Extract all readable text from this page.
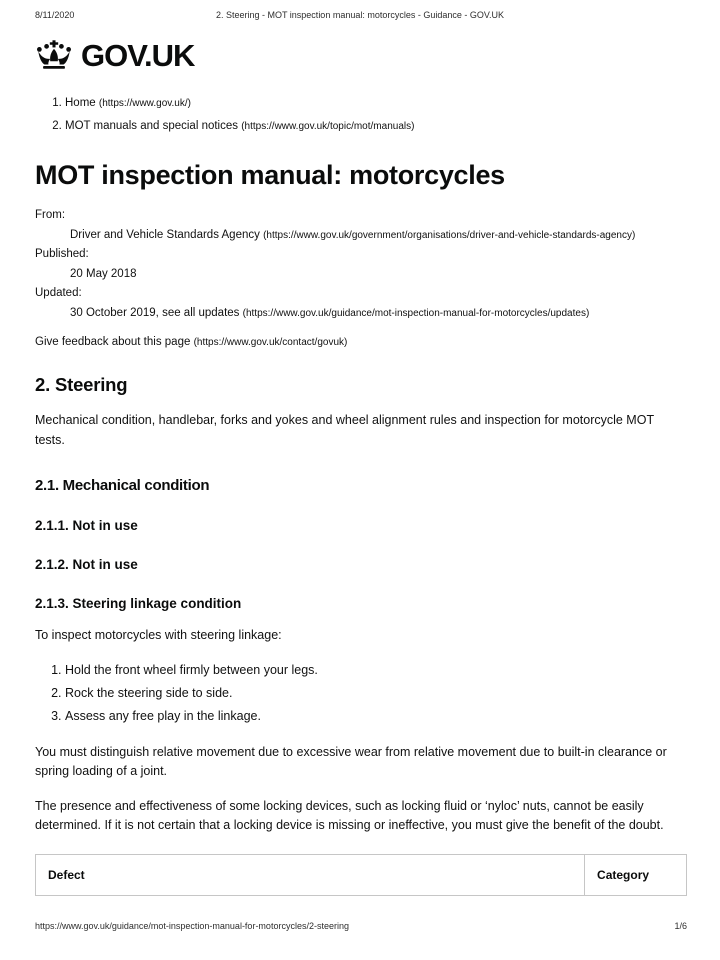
8/11/2020	2. Steering - MOT inspection manual: motorcycles - Guidance - GOV.UK
GOV.UK
1. Home (https://www.gov.uk/)
2. MOT manuals and special notices (https://www.gov.uk/topic/mot/manuals)
MOT inspection manual: motorcycles
From:
Driver and Vehicle Standards Agency (https://www.gov.uk/government/organisations/driver-and-vehicle-standards-agency)
Published:
20 May 2018
Updated:
30 October 2019, see all updates (https://www.gov.uk/guidance/mot-inspection-manual-for-motorcycles/updates)
Give feedback about this page (https://www.gov.uk/contact/govuk)
2. Steering

Mechanical condition, handlebar, forks and yokes and wheel alignment rules and inspection for motorcycle MOT tests.

2.1. Mechanical condition
2.1.1. Not in use
2.1.2. Not in use
2.1.3. Steering linkage condition

To inspect motorcycles with steering linkage:

1. Hold the front wheel firmly between your legs.
2. Rock the steering side to side.
3. Assess any free play in the linkage.

You must distinguish relative movement due to excessive wear from relative movement due to built-in clearance or spring loading of a joint.

The presence and effectiveness of some locking devices, such as locking fluid or ‘nyloc’ nuts, cannot be easily determined. If it is not certain that a locking device is missing or ineffective, you must give the benefit of the doubt.

Defect	Category
https://www.gov.uk/guidance/mot-inspection-manual-for-motorcycles/2-steering	1/6
